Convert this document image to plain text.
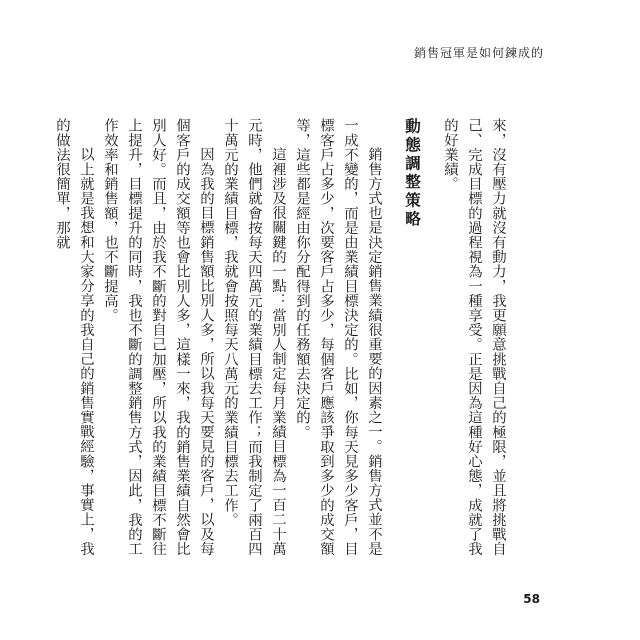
銷售冠軍是如何鍊成的

來，沒有壓力就沒有動力，我更願意挑戰自己的極限，並且將挑戰自己、完成目標的過程視為一種享受。正是因為這種好心態，成就了我的好業績。

動態調整策略

銷售方式也是決定銷售業績很重要的因素之一。銷售方式並不是一成不變的，而是由業績目標決定的。比如，你每天見多少客戶，目標客戶占多少，次要客戶占多少，每個客戶應該爭取到多少的成交額等，這些都是經由你分配得到的任務額去決定的。

這裡涉及很關鍵的一點：當別人制定每月業績目標為一百二十萬元時，他們就會按每天四萬元的業績目標去工作；而我制定了兩百四十萬元的業績目標，我就會按照每天八萬元的業績目標去工作。

因為我的目標銷售額比別人多，所以我每天要見的客戶，以及每個客戶的成交額等也會比別人多，這樣一來，我的銷售業績自然會比別人好。而且，由於我不斷的對自己加壓，所以我的業績目標不斷往上提升，目標提升的同時，我也不斷的調整銷售方式，因此，我的工作效率和銷售額，也不斷提高。

以上就是我想和大家分享的我自己的銷售實戰經驗，事實上，我的做法很簡單，那就

58
